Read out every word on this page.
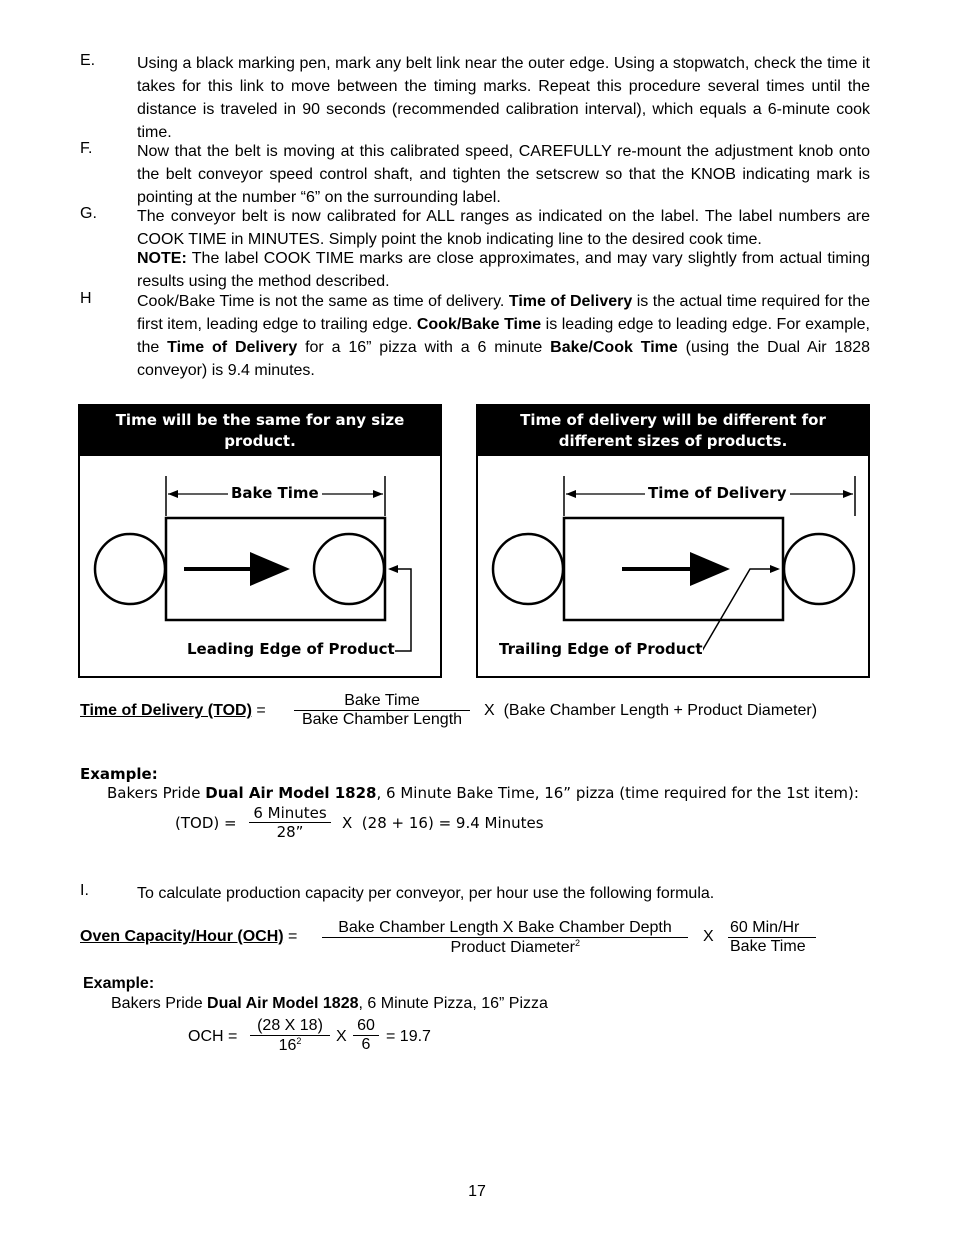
E.	Using a black marking pen, mark any belt link near the outer edge. Using a stopwatch, check the time it takes for this link to move between the timing marks. Repeat this procedure several times until the distance is traveled in 90 seconds (recommended calibration interval), which equals a 6-minute cook time.
F.	Now that the belt is moving at this calibrated speed, CAREFULLY re-mount the adjustment knob onto the belt conveyor speed control shaft, and tighten the setscrew so that the KNOB indicating mark is pointing at the number “6” on the surrounding label.
G.	The conveyor belt is now calibrated for ALL ranges as indicated on the label. The label numbers are COOK TIME in MINUTES. Simply point the knob indicating line to the desired cook time.
NOTE: The label COOK TIME marks are close approximates, and may vary slightly from actual timing results using the method described.
H	Cook/Bake Time is not the same as time of delivery. Time of Delivery is the actual time required for the first item, leading edge to trailing edge. Cook/Bake Time is leading edge to leading edge. For example, the Time of Delivery for a 16” pizza with a 6 minute Bake/Cook Time (using the Dual Air 1828 conveyor) is 9.4 minutes.
Time will be the same for any size product.
Bake Time
Leading Edge of Product
Time of delivery will be different for different sizes of products.
Time of Delivery
Trailing Edge of Product
Time of Delivery (TOD) =
Bake Time
Bake Chamber Length
X  (Bake Chamber Length + Product Diameter)
Example:
Bakers Pride Dual Air Model 1828, 6 Minute Bake Time, 16” pizza (time required for the 1st item):
(TOD) =
6 Minutes
28”	X  (28 + 16) = 9.4 Minutes
I.	To calculate production capacity per conveyor, per hour use the following formula.
Oven Capacity/Hour (OCH) =
Bake Chamber Length X Bake Chamber Depth
Product Diameter$^2$	X
60 Min/Hr
Bake Time
Example:
Bakers Pride Dual Air Model 1828, 6 Minute Pizza, 16” Pizza
OCH = $\frac{(28 X 18)}{16^2}$ X $\frac{60}{6} = 19.7$
17
